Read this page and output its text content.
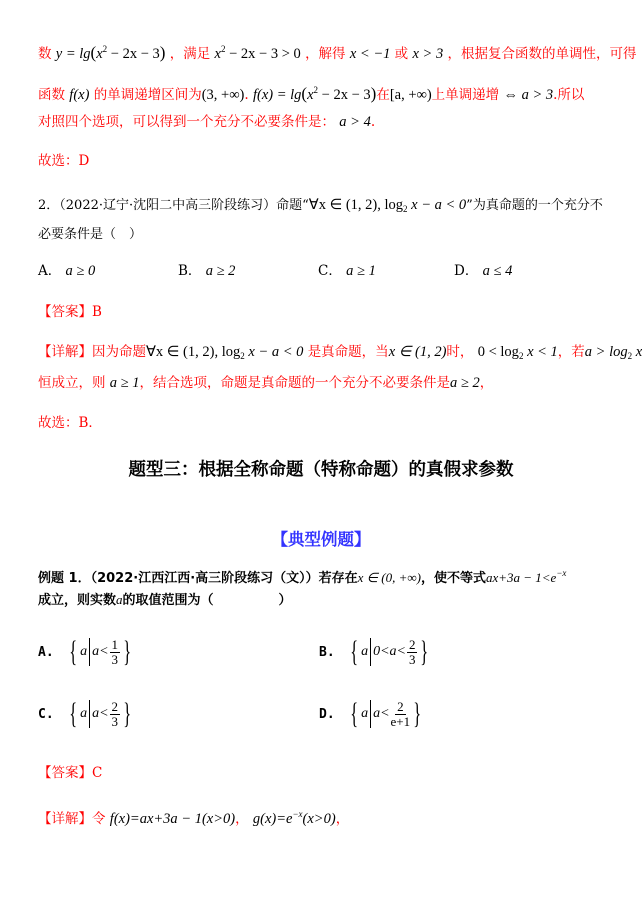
数 $y = \lg(x^2 - 2x - 3)$ ，满足 $x^2 - 2x - 3 > 0$ ，解得 x < −1 或 x > 3 ，根据复合函数的单调性，可得
函数 f(x) 的单调递增区间为(3, +∞). $f(x) = \lg(x^2 - 2x - 3)$在[a, +∞)上单调递增 ⇔ a > 3.所以
对照四个选项，可以得到一个充分不必要条件是： a > 4.
故选：D
2．（2022·辽宁·沈阳二中高三阶段练习）命题“∀x ∈ (1, 2), $\log_2 x - a < 0$”为真命题的一个充分不
必要条件是（　）
A． a ≥ 0	B． a ≥ 2	C． a ≥ 1	D． a ≤ 4
【答案】B
【详解】因为命题∀x ∈ (1, 2), $\log_2 x - a < 0$ 是真命题，当x ∈ (1, 2)时， $0 < \log_2 x < 1$，若$a > \log_2 x$
恒成立，则 a ≥ 1，结合选项，命题是真命题的一个充分不必要条件是a ≥ 2，
故选：B．
题型三：根据全称命题（特称命题）的真假求参数
【典型例题】
例题 1．（2022·江西江西·高三阶段练习（文））若存在x ∈ (0, +∞)，使不等式$ax+3a - 1<e^{-x}$
成立，则实数a的取值范围为（　　　　　）
A. { a $a< \frac{1}{3}$ }	B. { a $0<a< \frac{2}{3}$ }
C. { a $a< \frac{2}{3}$ }	D. { a $a< \frac{2}{e+1}$ }
【答案】C
【详解】令 f(x)=ax+3a − 1(x>0)， $g(x)=e^{-x}(x>0)$，
